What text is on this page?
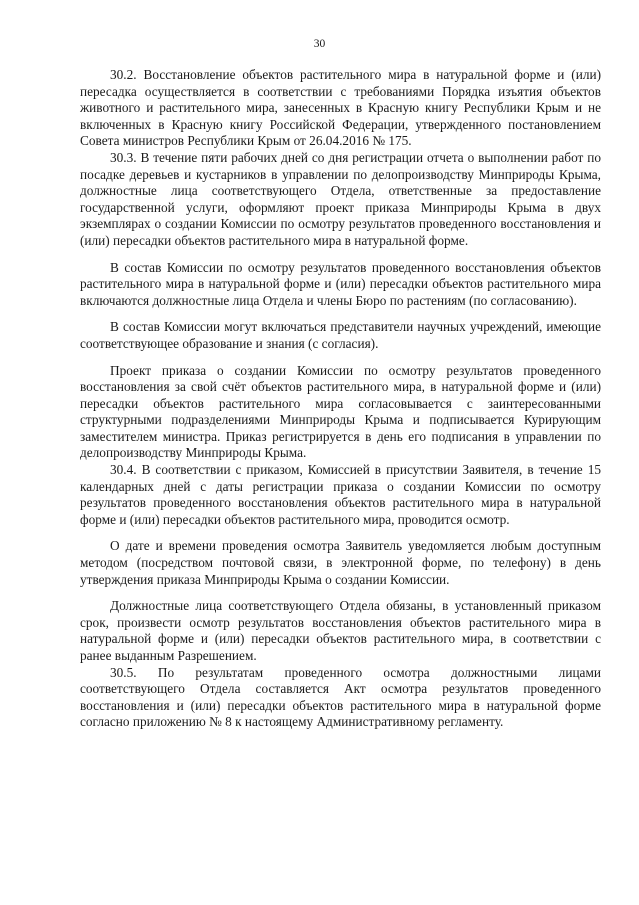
30

30.2. Восстановление объектов растительного мира в натуральной форме и (или) пересадка осуществляется в соответствии с требованиями Порядка изъятия объектов животного и растительного мира, занесенных в Красную книгу Республики Крым и не включенных в Красную книгу Российской Федерации, утвержденного постановлением Совета министров Республики Крым от 26.04.2016 № 175.

30.3. В течение пяти рабочих дней со дня регистрации отчета о выполнении работ по посадке деревьев и кустарников в управлении по делопроизводству Минприроды Крыма, должностные лица соответствующего Отдела, ответственные за предоставление государственной услуги, оформляют проект приказа Минприроды Крыма в двух экземплярах о создании Комиссии по осмотру результатов проведенного восстановления и (или) пересадки объектов растительного мира в натуральной форме.

В состав Комиссии по осмотру результатов проведенного восстановления объектов растительного мира в натуральной форме и (или) пересадки объектов растительного мира включаются должностные лица Отдела и члены Бюро по растениям (по согласованию).

В состав Комиссии могут включаться представители научных учреждений, имеющие соответствующее образование и знания (с согласия).

Проект приказа о создании Комиссии по осмотру результатов проведенного восстановления за свой счёт объектов растительного мира, в натуральной форме и (или) пересадки объектов растительного мира согласовывается с заинтересованными структурными подразделениями Минприроды Крыма и подписывается Курирующим заместителем министра. Приказ регистрируется в день его подписания в управлении по делопроизводству Минприроды Крыма.

30.4. В соответствии с приказом, Комиссией в присутствии Заявителя, в течение 15 календарных дней с даты регистрации приказа о создании Комиссии по осмотру результатов проведенного восстановления объектов растительного мира в натуральной форме и (или) пересадки объектов растительного мира, проводится осмотр.

О дате и времени проведения осмотра Заявитель уведомляется любым доступным методом (посредством почтовой связи, в электронной форме, по телефону) в день утверждения приказа Минприроды Крыма о создании Комиссии.

Должностные лица соответствующего Отдела обязаны, в установленный приказом срок, произвести осмотр результатов восстановления объектов растительного мира в натуральной форме и (или) пересадки объектов растительного мира, в соответствии с ранее выданным Разрешением.

30.5. По результатам проведенного осмотра должностными лицами соответствующего Отдела составляется Акт осмотра результатов проведенного восстановления и (или) пересадки объектов растительного мира в натуральной форме согласно приложению № 8 к настоящему Административному регламенту.
